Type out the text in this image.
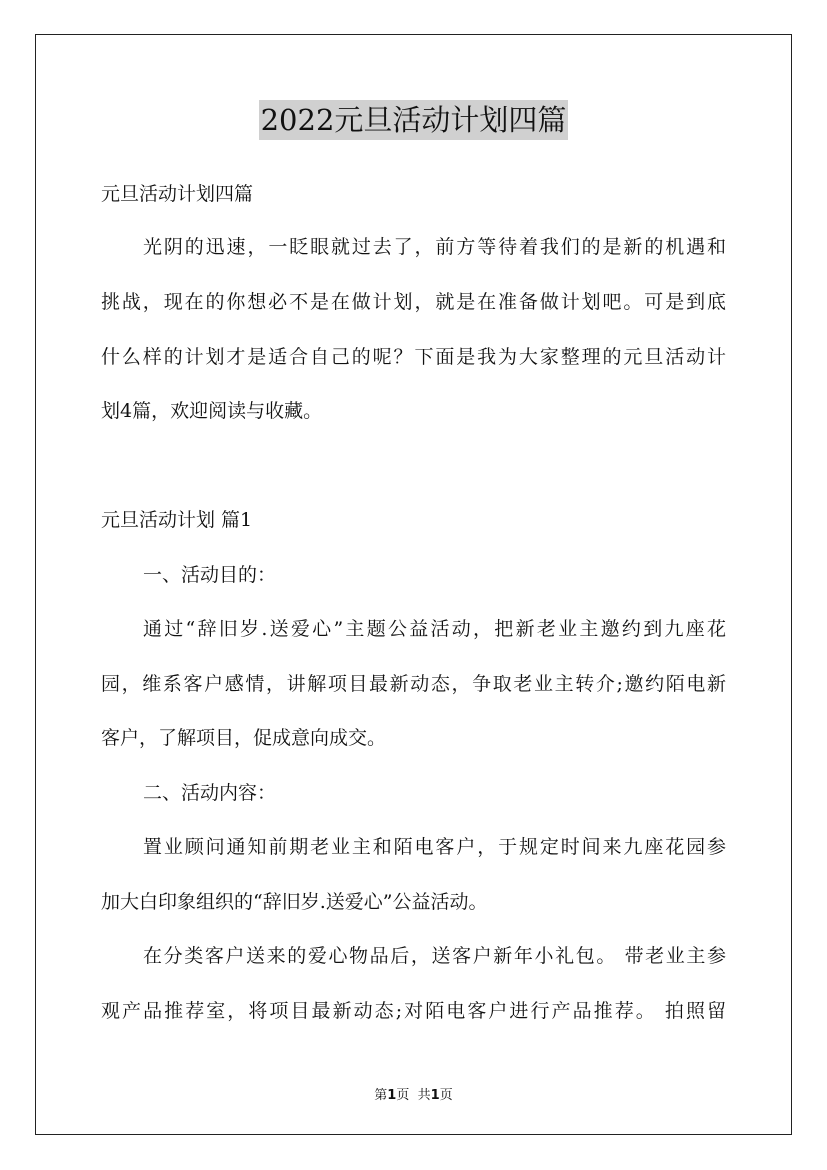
2022元旦活动计划四篇
元旦活动计划四篇
光阴的迅速，一眨眼就过去了，前方等待着我们的是新的机遇和
挑战，现在的你想必不是在做计划，就是在准备做计划吧。可是到底
什么样的计划才是适合自己的呢？下面是我为大家整理的元旦活动计
划4篇，欢迎阅读与收藏。
元旦活动计划 篇1
一、活动目的：
通过“辞旧岁.送爱心”主题公益活动，把新老业主邀约到九座花
园，维系客户感情，讲解项目最新动态，争取老业主转介;邀约陌电新
客户，了解项目，促成意向成交。
二、活动内容：
置业顾问通知前期老业主和陌电客户，于规定时间来九座花园参
加大白印象组织的“辞旧岁.送爱心”公益活动。
在分类客户送来的爱心物品后，送客户新年小礼包。 带老业主参
观产品推荐室，将项目最新动态;对陌电客户进行产品推荐。 拍照留
第1页 共1页
